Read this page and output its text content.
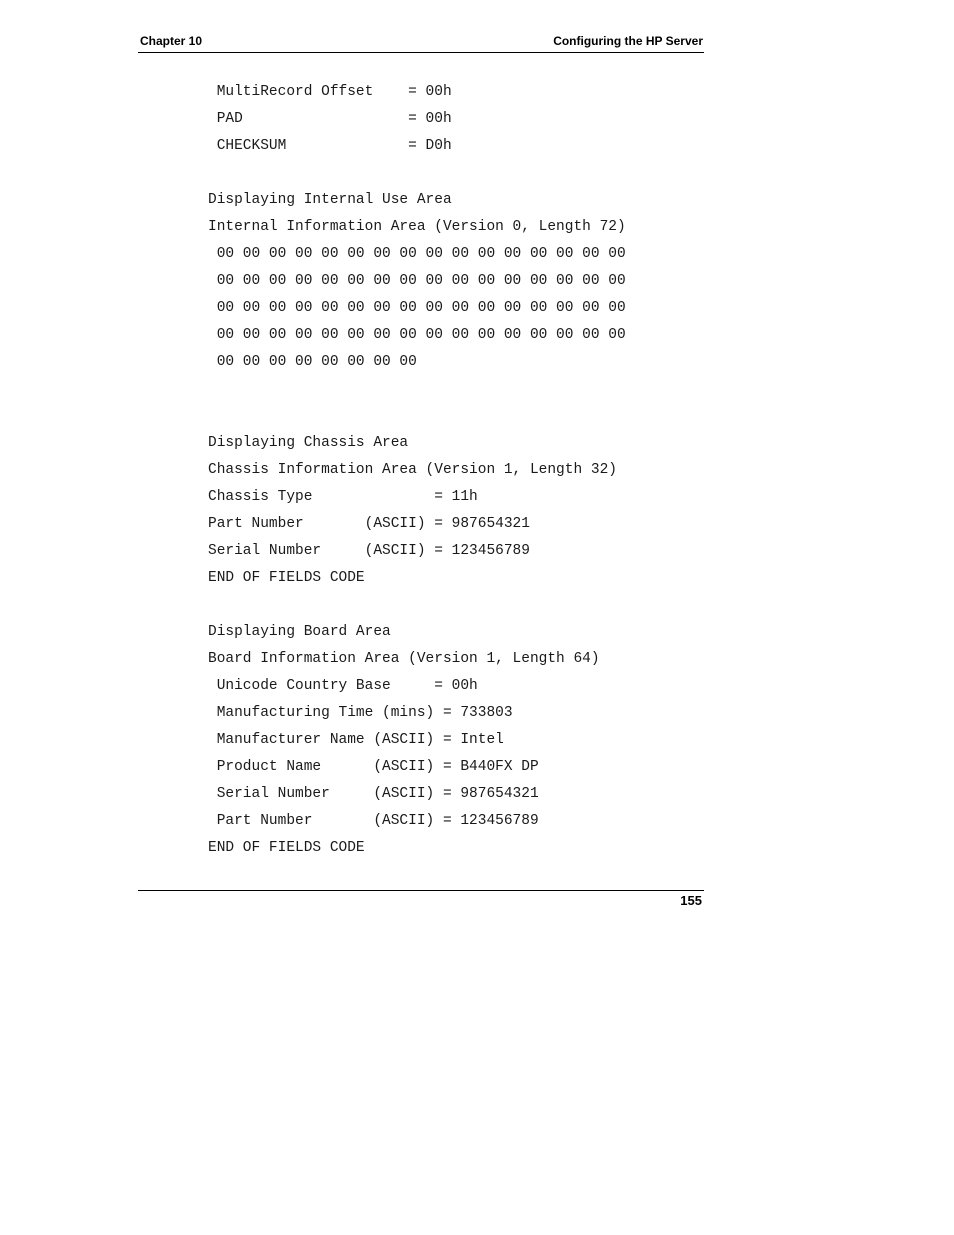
Chapter 10	Configuring the HP Server
MultiRecord Offset    = 00h
PAD                   = 00h
CHECKSUM              = D0h
Displaying Internal Use Area
Internal Information Area (Version 0, Length 72)
00 00 00 00 00 00 00 00 00 00 00 00 00 00 00 00
00 00 00 00 00 00 00 00 00 00 00 00 00 00 00 00
00 00 00 00 00 00 00 00 00 00 00 00 00 00 00 00
00 00 00 00 00 00 00 00 00 00 00 00 00 00 00 00
00 00 00 00 00 00 00 00
Displaying Chassis Area
Chassis Information Area (Version 1, Length 32)
Chassis Type              = 11h
Part Number       (ASCII) = 987654321
Serial Number     (ASCII) = 123456789
END OF FIELDS CODE
Displaying Board Area
Board Information Area (Version 1, Length 64)
Unicode Country Base     = 00h
Manufacturing Time (mins) = 733803
Manufacturer Name (ASCII) = Intel
Product Name      (ASCII) = B440FX DP
Serial Number     (ASCII) = 987654321
Part Number       (ASCII) = 123456789
END OF FIELDS CODE
155
